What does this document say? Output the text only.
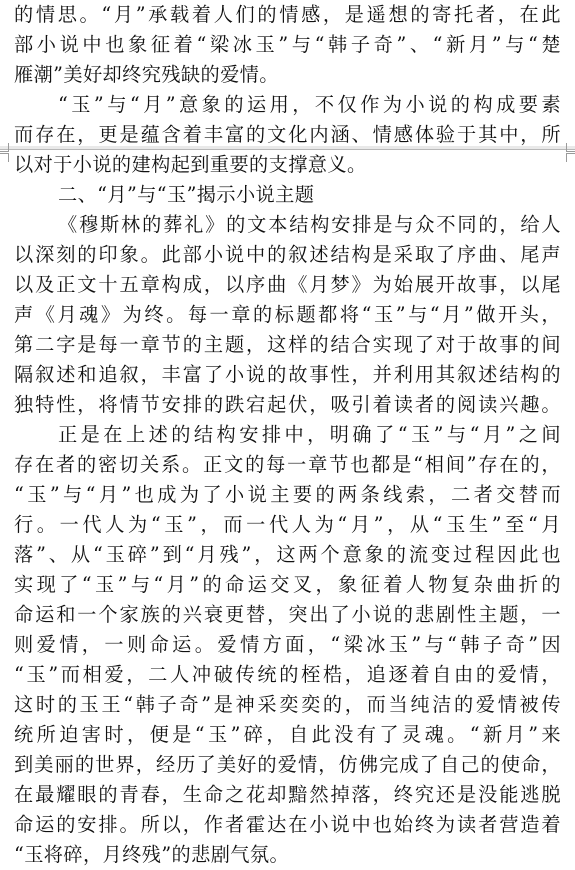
的情思。“月”承载着人们的情感，是遥想的寄托者，在此
部小说中也象征着“梁冰玉”与“韩子奇”、“新月”与“楚
雁潮”美好却终究残缺的爱情。
“玉”与“月”意象的运用，不仅作为小说的构成要素
而存在，更是蕴含着丰富的文化内涵、情感体验于其中，所
以对于小说的建构起到重要的支撑意义。
二、“月”与“玉”揭示小说主题
《穆斯林的葬礼》的文本结构安排是与众不同的，给人
以深刻的印象。此部小说中的叙述结构是采取了序曲、尾声
以及正文十五章构成，以序曲《月梦》为始展开故事，以尾
声《月魂》为终。每一章的标题都将“玉”与“月”做开头，
第二字是每一章节的主题，这样的结合实现了对于故事的间
隔叙述和追叙，丰富了小说的故事性，并利用其叙述结构的
独特性，将情节安排的跌宕起伏，吸引着读者的阅读兴趣。
正是在上述的结构安排中，明确了“玉”与“月”之间
存在者的密切关系。正文的每一章节也都是“相间”存在的，
“玉”与“月”也成为了小说主要的两条线索，二者交替而
行。一代人为“玉”，而一代人为“月”，从“玉生”至“月
落”、从“玉碎”到“月残”，这两个意象的流变过程因此也
实现了“玉”与“月”的命运交叉，象征着人物复杂曲折的
命运和一个家族的兴衰更替，突出了小说的悲剧性主题，一
则爱情，一则命运。爱情方面，“梁冰玉”与“韩子奇”因
“玉”而相爱，二人冲破传统的桎梏，追逐着自由的爱情，
这时的玉王“韩子奇”是神采奕奕的，而当纯洁的爱情被传
统所迫害时，便是“玉”碎，自此没有了灵魂。“新月”来
到美丽的世界，经历了美好的爱情，仿佛完成了自己的使命，
在最耀眼的青春，生命之花却黯然掉落，终究还是没能逃脱
命运的安排。所以，作者霍达在小说中也始终为读者营造着
“玉将碎，月终残”的悲剧气氛。
